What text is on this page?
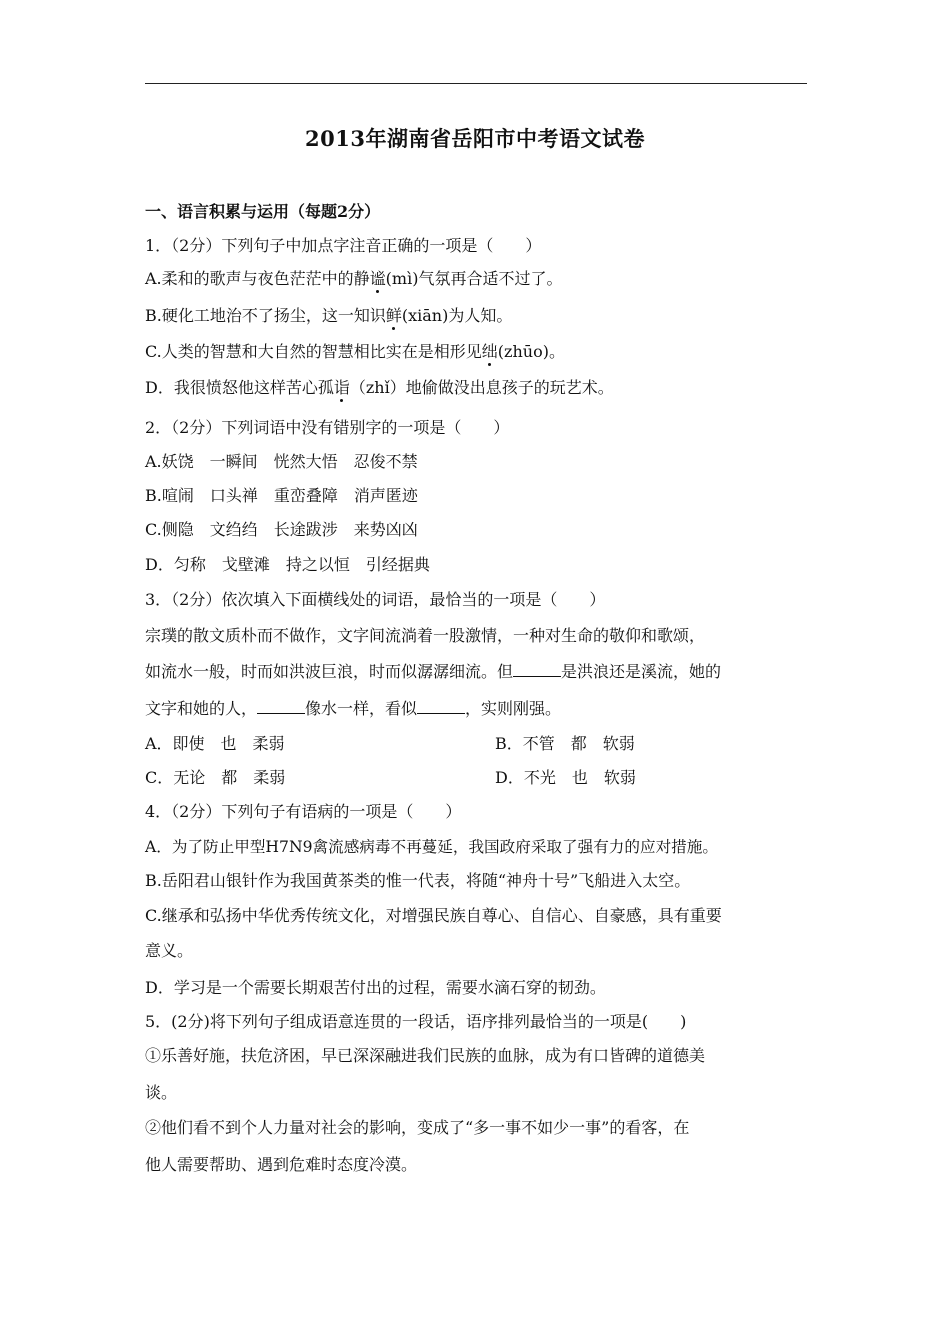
2013年湖南省岳阳市中考语文试卷
一、语言积累与运用（每题2分）
1．（2分）下列句子中加点字注音正确的一项是（　　）
A.柔和的歌声与夜色茫茫中的静谧(mì)气氛再合适不过了。
B.硬化工地治不了扬尘，这一知识鲜(xiān)为人知。
C.人类的智慧和大自然的智慧相比实在是相形见绌(zhūo)。
D．我很愤怒他这样苦心孤诣（zhǐ）地偷做没出息孩子的玩艺术。
2．（2分）下列词语中没有错别字的一项是（　　）
A.妖饶　一瞬间　恍然大悟　忍俊不禁
B.喧闹　口头禅　重峦叠障　消声匿迹
C.侧隐　文绉绉　长途跋涉　来势凶凶
D．匀称　戈壁滩　持之以恒　引经据典
3．（2分）依次填入下面横线处的词语，最恰当的一项是（　　）
宗璞的散文质朴而不做作，文字间流淌着一股激情，一种对生命的敬仰和歌颂，
如流水一般，时而如洪波巨浪，时而似潺潺细流。但	是洪浪还是溪流，她的
文字和她的人，	像水一样，看似	，实则刚强。
A．即使　也　柔弱	B．不管　都　软弱
C．无论　都　柔弱	D．不光　也　软弱
4．（2分）下列句子有语病的一项是（　　）
A．为了防止甲型H7N9禽流感病毒不再蔓延，我国政府采取了强有力的应对措施。
B.岳阳君山银针作为我国黄茶类的惟一代表，将随“神舟十号”飞船进入太空。
C.继承和弘扬中华优秀传统文化，对增强民族自尊心、自信心、自豪感，具有重要
意义。
D．学习是一个需要长期艰苦付出的过程，需要水滴石穿的韧劲。
5．(2分)将下列句子组成语意连贯的一段话，语序排列最恰当的一项是(　　)
①乐善好施，扶危济困，早已深深融进我们民族的血脉，成为有口皆碑的道德美
谈。
②他们看不到个人力量对社会的影响，变成了“多一事不如少一事”的看客，在
他人需要帮助、遇到危难时态度冷漠。
